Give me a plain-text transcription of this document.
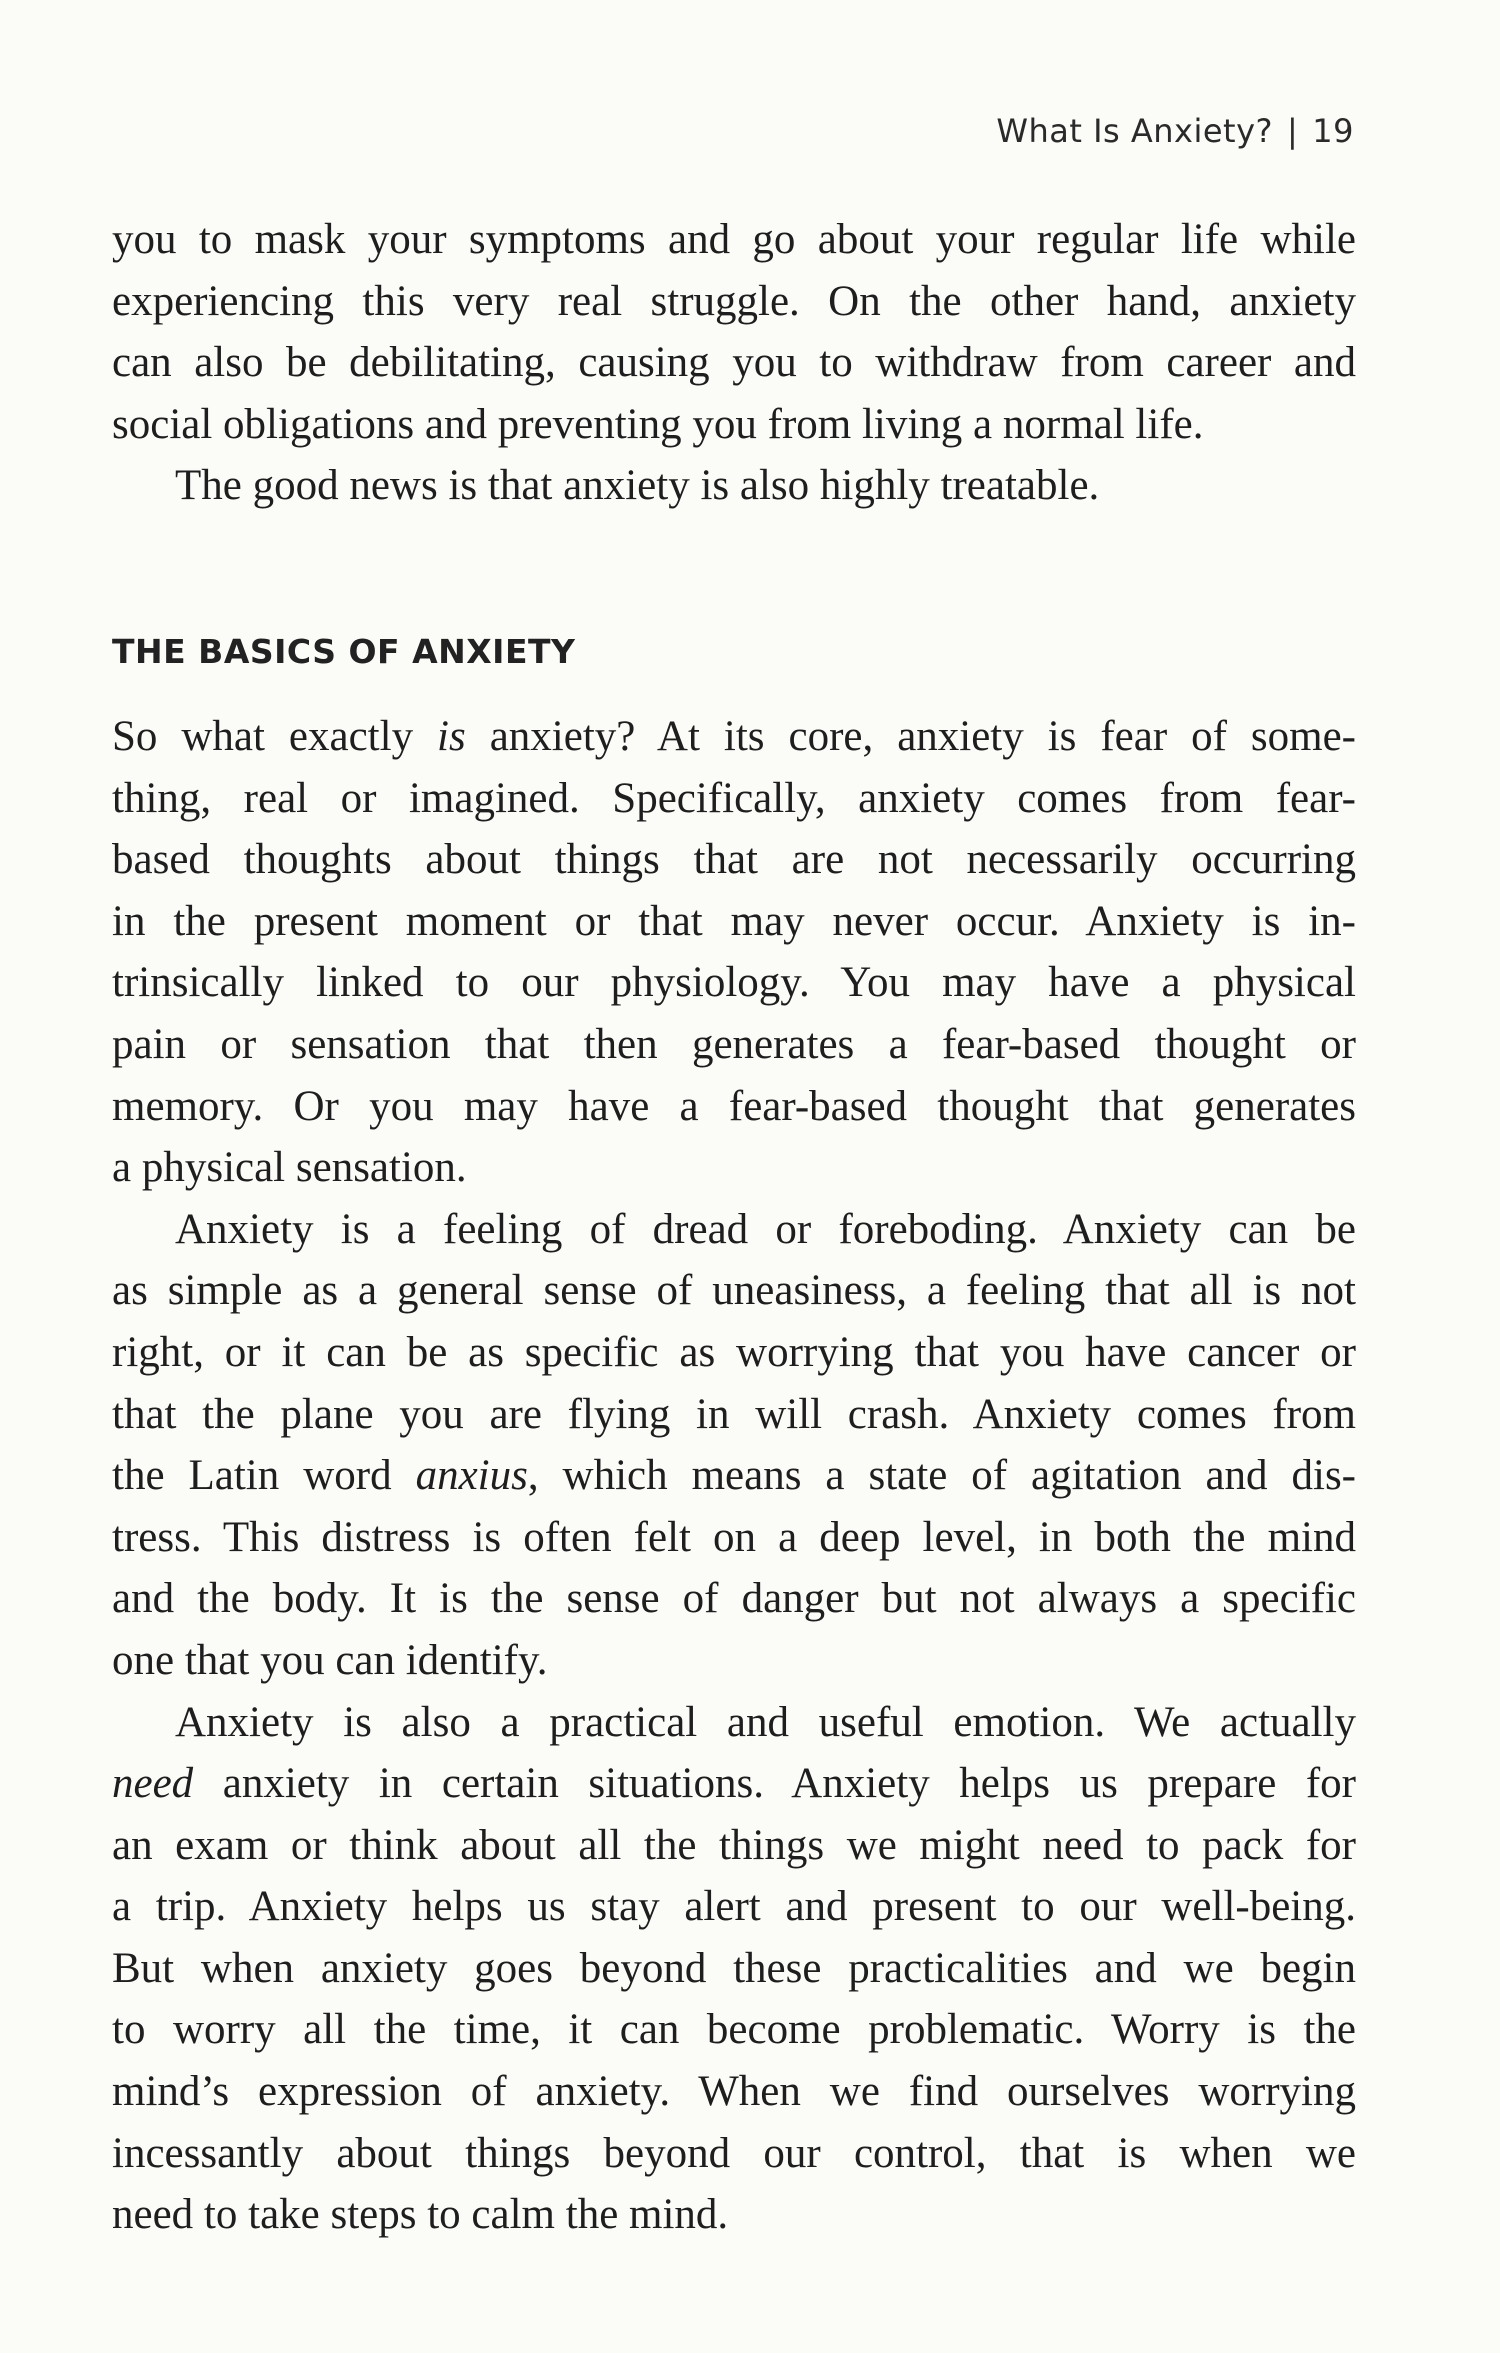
What Is Anxiety? | 19
you to mask your symptoms and go about your regular life while
experiencing this very real struggle. On the other hand, anxiety
can also be debilitating, causing you to withdraw from career and
social obligations and preventing you from living a normal life.
The good news is that anxiety is also highly treatable.
THE BASICS OF ANXIETY
So what exactly is anxiety? At its core, anxiety is fear of some-
thing, real or imagined. Specifically, anxiety comes from fear-
based thoughts about things that are not necessarily occurring
in the present moment or that may never occur. Anxiety is in-
trinsically linked to our physiology. You may have a physical
pain or sensation that then generates a fear-based thought or
memory. Or you may have a fear-based thought that generates
a physical sensation.
Anxiety is a feeling of dread or foreboding. Anxiety can be
as simple as a general sense of uneasiness, a feeling that all is not
right, or it can be as specific as worrying that you have cancer or
that the plane you are flying in will crash. Anxiety comes from
the Latin word anxius, which means a state of agitation and dis-
tress. This distress is often felt on a deep level, in both the mind
and the body. It is the sense of danger but not always a specific
one that you can identify.
Anxiety is also a practical and useful emotion. We actually
need anxiety in certain situations. Anxiety helps us prepare for
an exam or think about all the things we might need to pack for
a trip. Anxiety helps us stay alert and present to our well-being.
But when anxiety goes beyond these practicalities and we begin
to worry all the time, it can become problematic. Worry is the
mind’s expression of anxiety. When we find ourselves worrying
incessantly about things beyond our control, that is when we
need to take steps to calm the mind.
